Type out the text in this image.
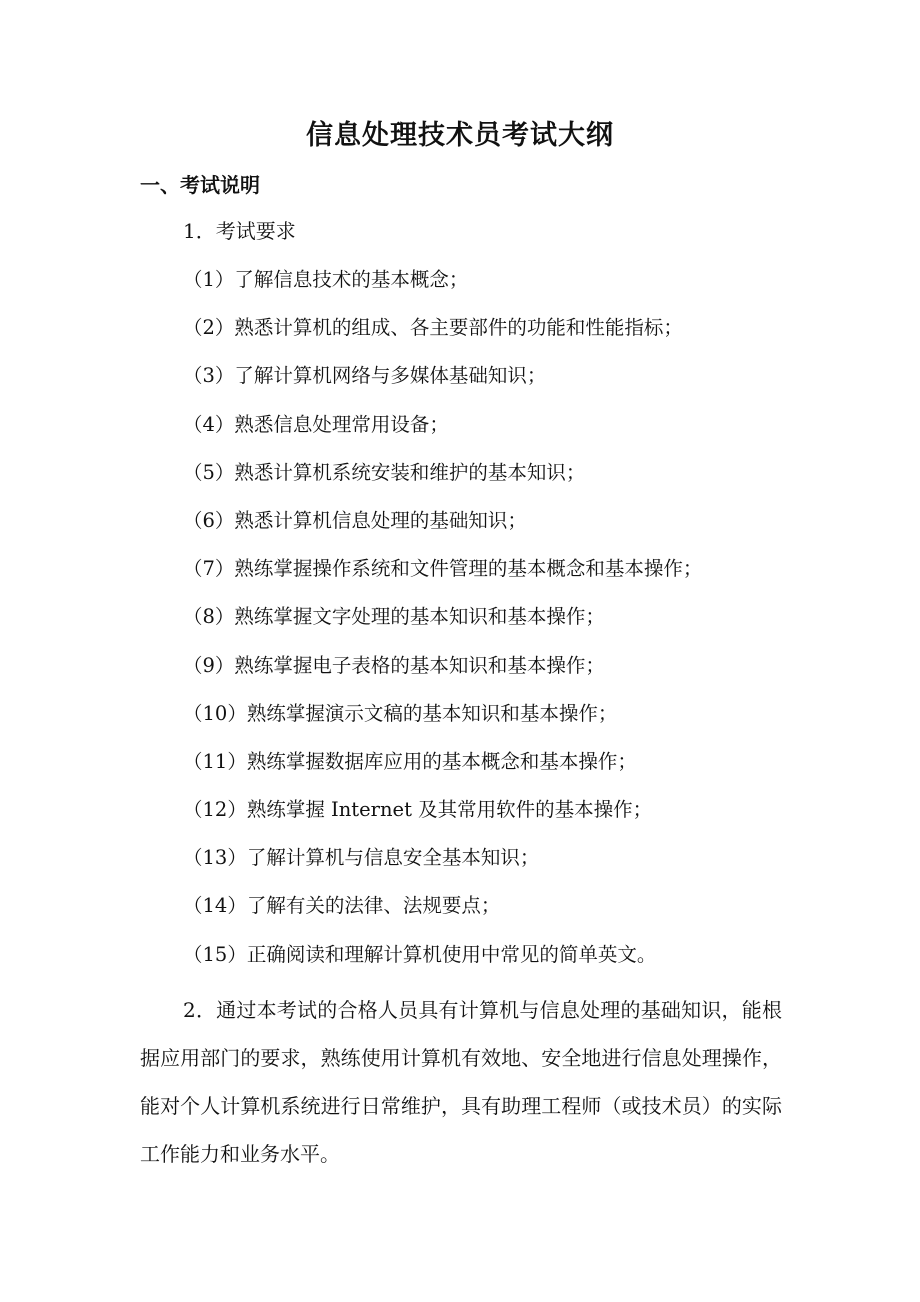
信息处理技术员考试大纲
一、考试说明
1．考试要求
（1）了解信息技术的基本概念；
（2）熟悉计算机的组成、各主要部件的功能和性能指标；
（3）了解计算机网络与多媒体基础知识；
（4）熟悉信息处理常用设备；
（5）熟悉计算机系统安装和维护的基本知识；
（6）熟悉计算机信息处理的基础知识；
（7）熟练掌握操作系统和文件管理的基本概念和基本操作；
（8）熟练掌握文字处理的基本知识和基本操作；
（9）熟练掌握电子表格的基本知识和基本操作；
（10）熟练掌握演示文稿的基本知识和基本操作；
（11）熟练掌握数据库应用的基本概念和基本操作；
（12）熟练掌握 Internet 及其常用软件的基本操作；
（13）了解计算机与信息安全基本知识；
（14）了解有关的法律、法规要点；
（15）正确阅读和理解计算机使用中常见的简单英文。

2．通过本考试的合格人员具有计算机与信息处理的基础知识，能根据应用部门的要求，熟练使用计算机有效地、安全地进行信息处理操作，能对个人计算机系统进行日常维护，具有助理工程师（或技术员）的实际工作能力和业务水平。
